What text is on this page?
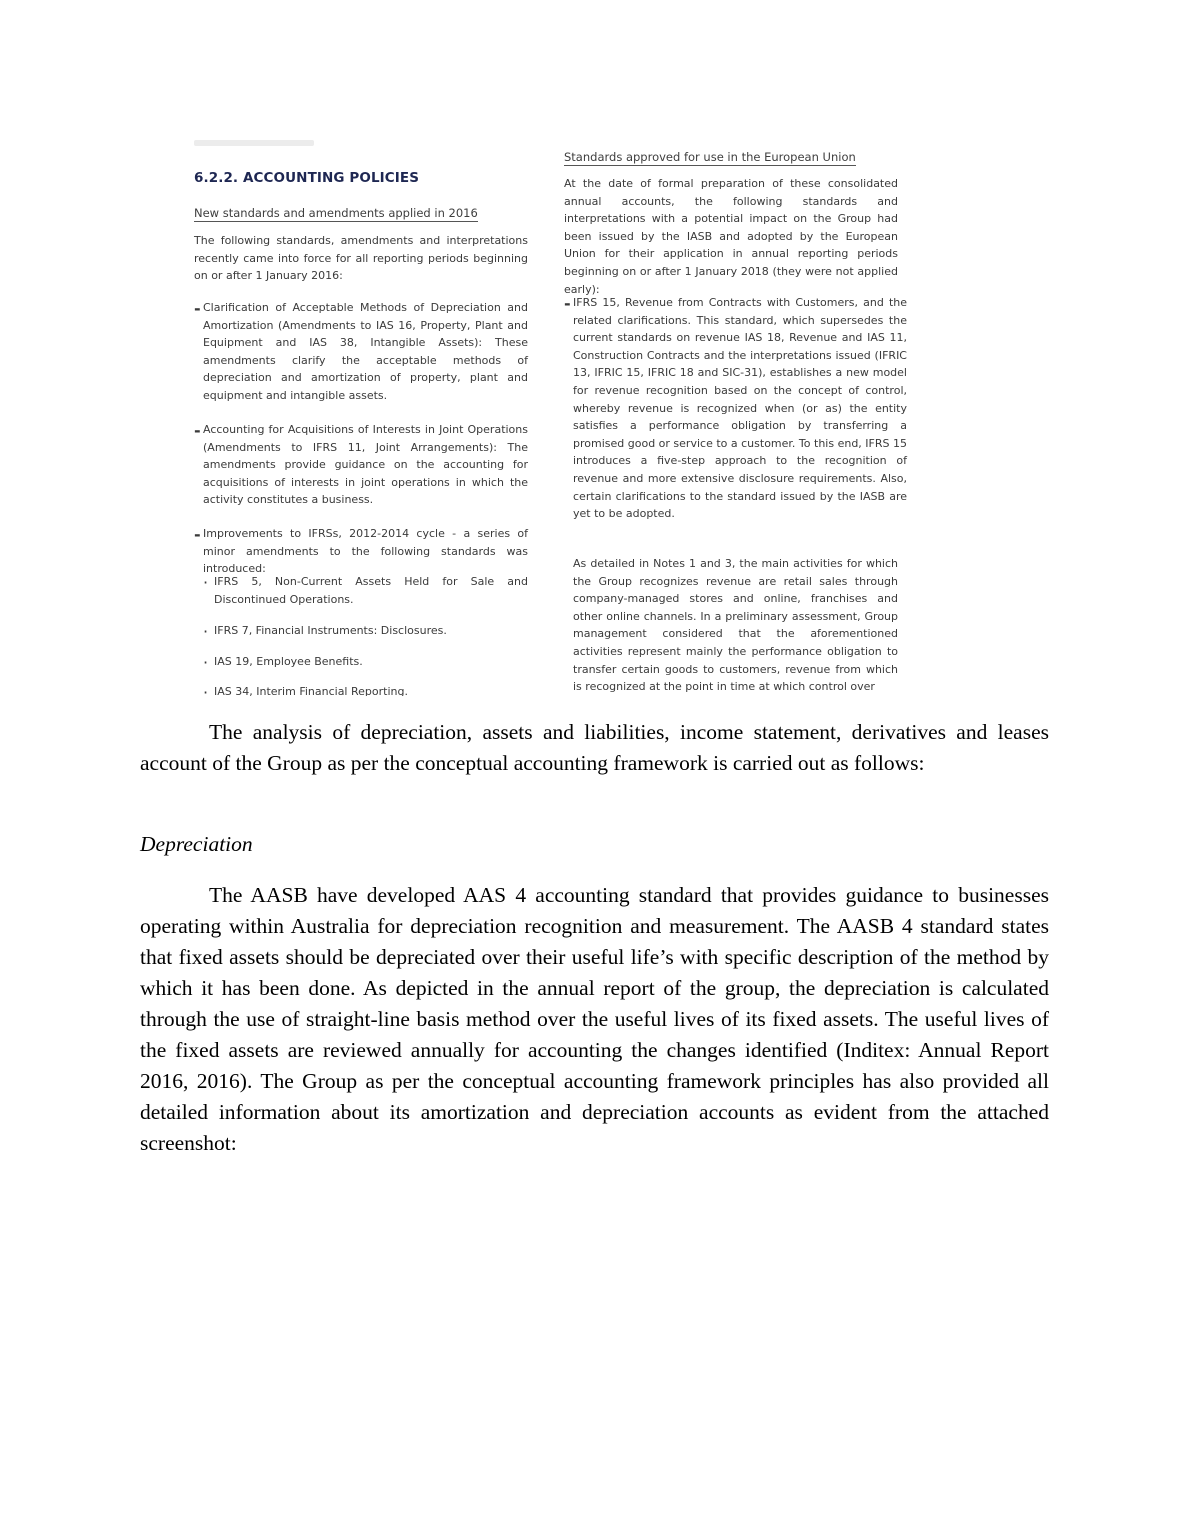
6.2.2. ACCOUNTING POLICIES
New standards and amendments applied in 2016

The following standards, amendments and interpretations recently came into force for all reporting periods beginning on or after 1 January 2016:

- Clarification of Acceptable Methods of Depreciation and Amortization (Amendments to IAS 16, Property, Plant and Equipment and IAS 38, Intangible Assets): These amendments clarify the acceptable methods of depreciation and amortization of property, plant and equipment and intangible assets.

- Accounting for Acquisitions of Interests in Joint Operations (Amendments to IFRS 11, Joint Arrangements): The amendments provide guidance on the accounting for acquisitions of interests in joint operations in which the activity constitutes a business.

- Improvements to IFRSs, 2012-2014 cycle - a series of minor amendments to the following standards was introduced:

· IFRS 5, Non-Current Assets Held for Sale and Discontinued Operations.

· IFRS 7, Financial Instruments: Disclosures.

· IAS 19, Employee Benefits.

· IAS 34, Interim Financial Reporting.

Standards approved for use in the European Union

At the date of formal preparation of these consolidated annual accounts, the following standards and interpretations with a potential impact on the Group had been issued by the IASB and adopted by the European Union for their application in annual reporting periods beginning on or after 1 January 2018 (they were not applied early):

- IFRS 15, Revenue from Contracts with Customers, and the related clarifications. This standard, which supersedes the current standards on revenue IAS 18, Revenue and IAS 11, Construction Contracts and the interpretations issued (IFRIC 13, IFRIC 15, IFRIC 18 and SIC-31), establishes a new model for revenue recognition based on the concept of control, whereby revenue is recognized when (or as) the entity satisfies a performance obligation by transferring a promised good or service to a customer. To this end, IFRS 15 introduces a five-step approach to the recognition of revenue and more extensive disclosure requirements. Also, certain clarifications to the standard issued by the IASB are yet to be adopted.

As detailed in Notes 1 and 3, the main activities for which the Group recognizes revenue are retail sales through company-managed stores and online, franchises and other online channels. In a preliminary assessment, Group management considered that the aforementioned activities represent mainly the performance obligation to transfer certain goods to customers, revenue from which is recognized at the point in time at which control over

The analysis of depreciation, assets and liabilities, income statement, derivatives and leases account of the Group as per the conceptual accounting framework is carried out as follows:

Depreciation

The AASB have developed AAS 4 accounting standard that provides guidance to businesses operating within Australia for depreciation recognition and measurement. The AASB 4 standard states that fixed assets should be depreciated over their useful life’s with specific description of the method by which it has been done. As depicted in the annual report of the group, the depreciation is calculated through the use of straight-line basis method over the useful lives of its fixed assets. The useful lives of the fixed assets are reviewed annually for accounting the changes identified (Inditex: Annual Report 2016, 2016). The Group as per the conceptual accounting framework principles has also provided all detailed information about its amortization and depreciation accounts as evident from the attached screenshot:
